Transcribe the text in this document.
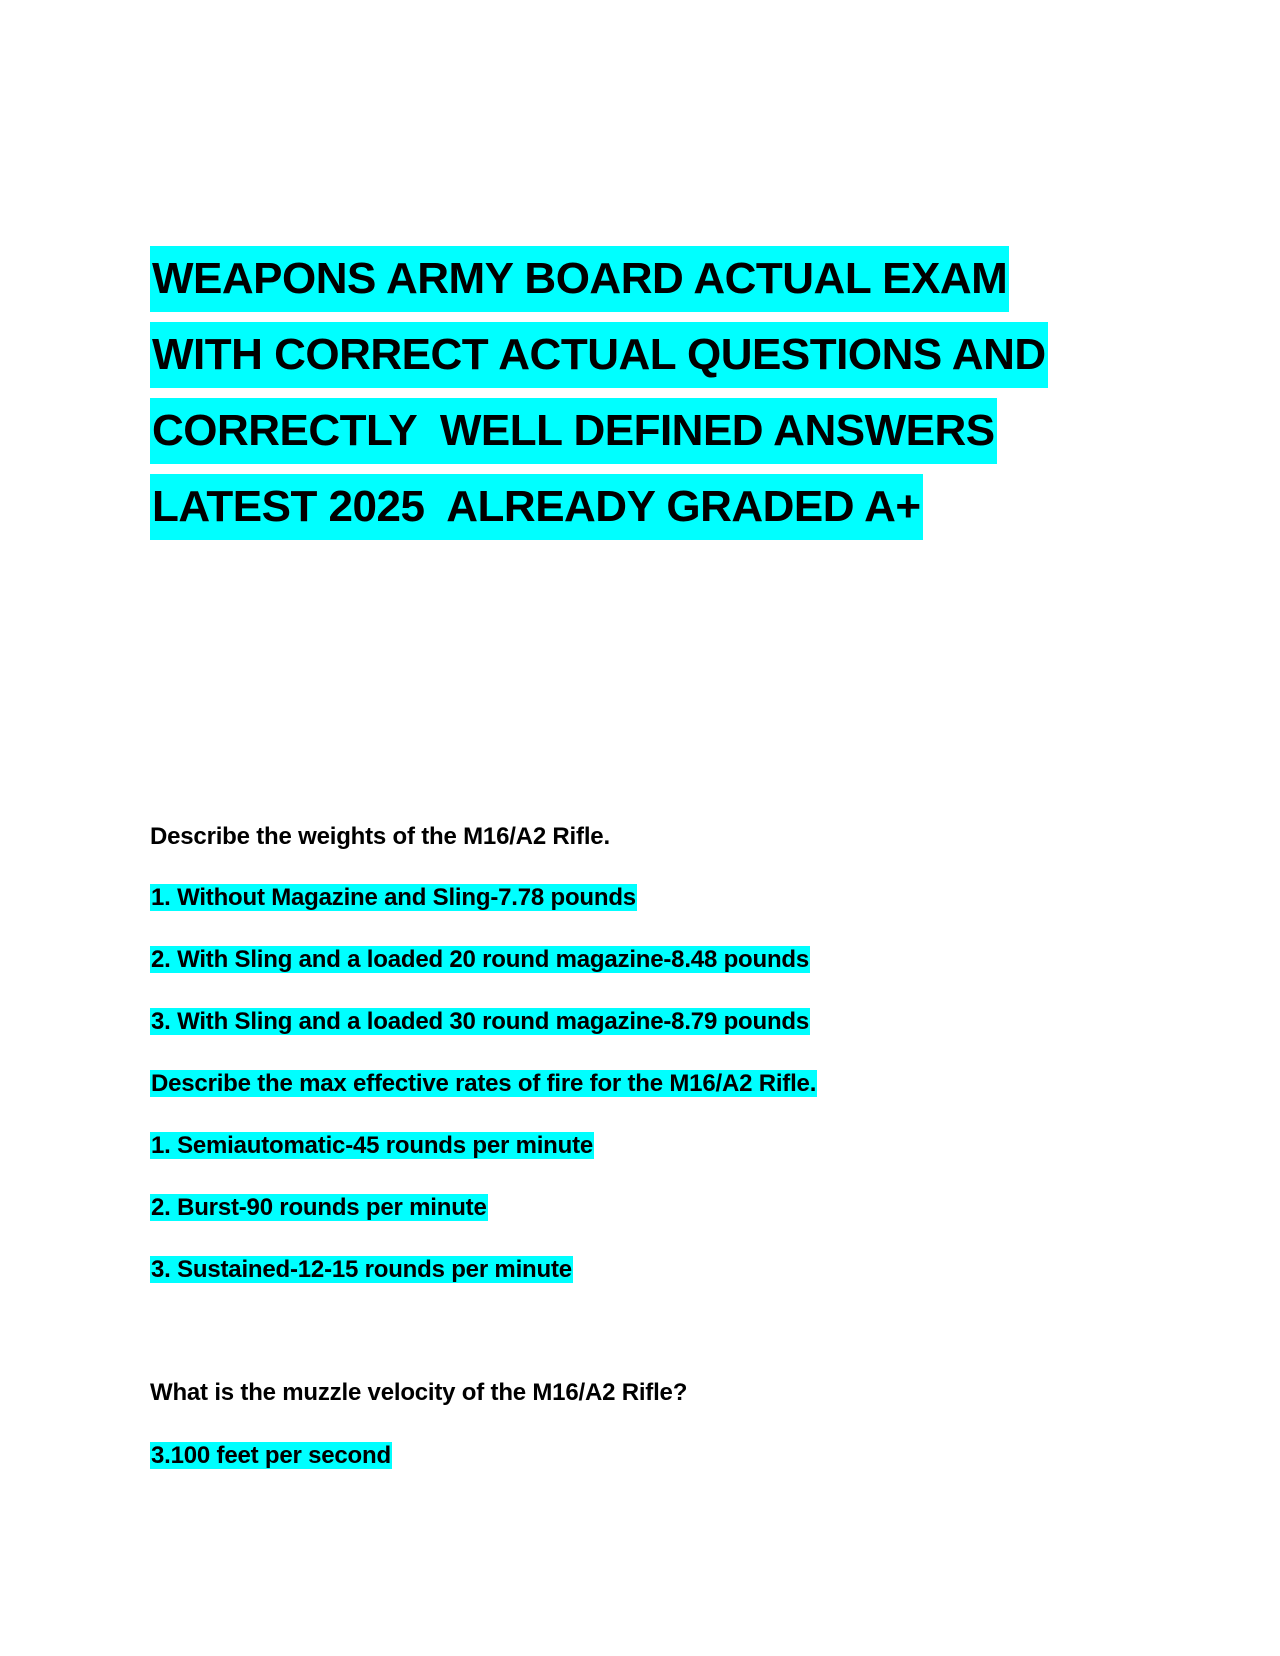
WEAPONS ARMY BOARD ACTUAL EXAM
WITH CORRECT ACTUAL QUESTIONS AND
CORRECTLY  WELL DEFINED ANSWERS
LATEST 2025  ALREADY GRADED A+
Describe the weights of the M16/A2 Rifle.
1. Without Magazine and Sling-7.78 pounds
2. With Sling and a loaded 20 round magazine-8.48 pounds
3. With Sling and a loaded 30 round magazine-8.79 pounds
Describe the max effective rates of fire for the M16/A2 Rifle.
1. Semiautomatic-45 rounds per minute
2. Burst-90 rounds per minute
3. Sustained-12-15 rounds per minute
What is the muzzle velocity of the M16/A2 Rifle?
3.100 feet per second
